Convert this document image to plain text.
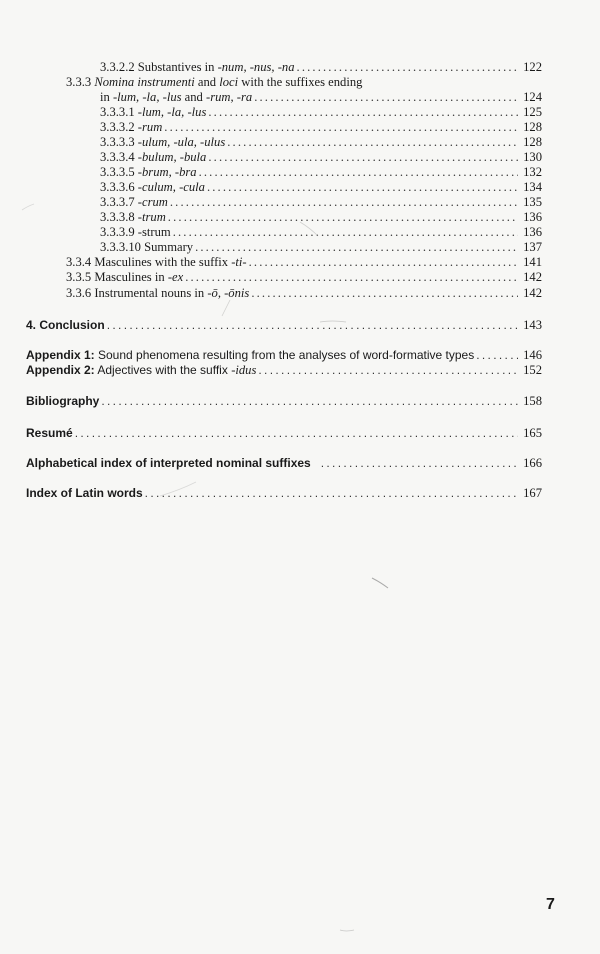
3.3.2.2 Substantives in -num, -nus, -na . . .	122
3.3.3 Nomina instrumenti and loci with the suffixes ending
in -lum, -la, -lus and -rum, -ra . . .	124
3.3.3.1 -lum, -la, -lus . . .	125
3.3.3.2 -rum . . .	128
3.3.3.3 -ulum, -ula, -ulus . . .	128
3.3.3.4 -bulum, -bula . . .	130
3.3.3.5 -brum, -bra . . .	132
3.3.3.6 -culum, -cula . . .	134
3.3.3.7 -crum . . .	135
3.3.3.8 -trum . . .	136
3.3.3.9 -strum . . .	136
3.3.3.10 Summary . . .	137
3.3.4 Masculines with the suffix -ti- . . .	141
3.3.5 Masculines in -ex . . .	142
3.3.6 Instrumental nouns in -ō, -ōnis . . .	142
4. Conclusion . . .	143
Appendix 1: Sound phenomena resulting from the analyses of word-formative types . . .	146
Appendix 2: Adjectives with the suffix -idus . . .	152
Bibliography . . .	158
Resumé . . .	165
Alphabetical index of interpreted nominal suffixes . . .	166
Index of Latin words . . .	167
7
